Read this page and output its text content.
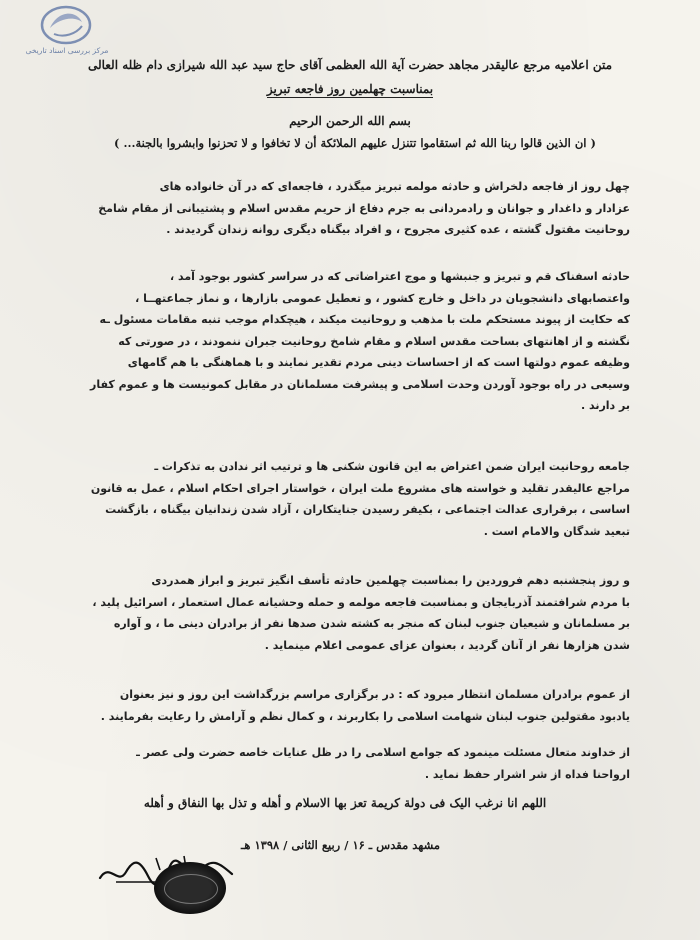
مرکز بررسی اسناد تاریخی
متن اعلامیه مرجع عالیقدر مجاهد حضرت آیة الله العظمی آقای حاج سید عبد الله شیرازی دام ظله العالی
بمناسبت چهلمین روز فاجعه تبریز
بسم الله الرحمن الرحیم
( ان الذین قالوا ربنا الله ثم استقاموا تتنزل علیهم الملائکة أن لا تخافوا و لا تحزنوا وابشروا بالجنة... )
چهل روز از فاجعه دلخراش و حادثه مولمه تبریز میگذرد ، فاجعه‌ای که در آن خانواده های
عزادار و داغدار و جوانان و رادمردانی به جرم دفاع از حریم مقدس اسلام و پشتیبانی از مقام شامخ
روحانیت مقتول گشته ، عده کثیری مجروح ، و افراد بیگناه دیگری روانه زندان گردیدند .
حادثه اسفناک قم و تبریز و جنبشها و موج اعتراضاتی که در سراسر کشور بوجود آمد ،
واعتصابهای دانشجویان در داخل و خارج کشور ، و تعطیل عمومی بازارها ، و نماز جماعتهــا ،
که حکایت از پیوند مستحکم ملت با مذهب و روحانیت میکند ، هیچکدام موجب تنبه مقامات مسئول ـه
نگشته و از اهانتهای بساحت مقدس اسلام و مقام شامخ روحانیت جبران ننمودند ، در صورتی که
وظیفه عموم دولتها است که از احساسات دینی مردم تقدیر نمایند و با هماهنگی با هم گامهای
وسیعی در راه بوجود آوردن وحدت اسلامی و پیشرفت مسلمانان در مقابل کمونیست ها و عموم کفار
بر دارند .
جامعه روحانیت ایران ضمن اعتراض به این قانون شکنی ها و ترتیب اثر ندادن به تذکرات ـ
مراجع عالیقدر تقلید و خواسته های مشروع ملت ایران ، خواستار اجرای احکام اسلام ، عمل به قانون
اساسی ، برقراری عدالت اجتماعی ، بکیفر رسیدن جنایتکاران ، آزاد شدن زندانیان بیگناه ، بازگشت
تبعید شدگان والامام است .
و روز پنجشنبه دهم فروردین را بمناسبت چهلمین حادثه تأسف انگیز تبریز و ابراز همدردی
با مردم شرافتمند آذربایجان و بمناسبت فاجعه مولمه و حمله وحشیانه عمال استعمار ، اسرائیل پلید ،
بر مسلمانان و شیعیان جنوب لبنان که منجر به کشته شدن صدها نفر از برادران دینی ما ، و آواره
شدن هزارها نفر از آنان گردید ، بعنوان عزای عمومی اعلام مینماید .
از عموم برادران مسلمان انتظار میرود که : در برگزاری مراسم بزرگداشت این روز و نیز بعنوان
یادبود مقتولین جنوب لبنان شهامت اسلامی را بکاربرند ، و کمال نظم و آرامش را رعایت بفرمایند .
از خداوند متعال مسئلت مینمود که جوامع اسلامی را در ظل عنایات خاصه حضرت ولی عصر ـ
ارواحنا فداه از شر اشرار حفظ نماید .
اللهم انا نرغب الیک فی دولة کریمة تعز بها الاسلام و أهله و تذل بها النفاق و أهله
مشهد مقدس ـ ۱۶ / ربیع الثانی / ۱۳۹۸ هـ
